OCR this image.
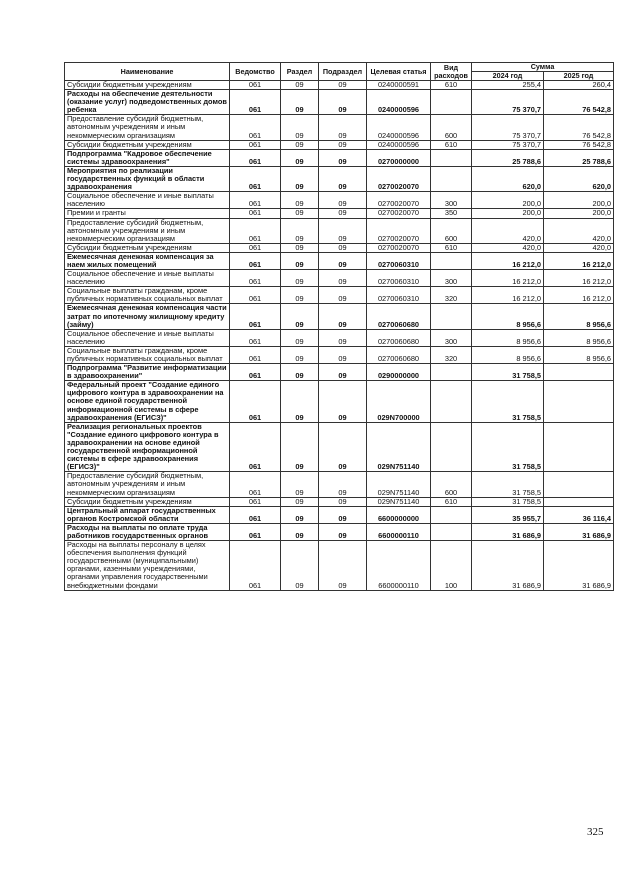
Наименование	Ведомство	Раздел	Подраздел	Целевая статья	Вид расходов	Сумма	
						2024 год	2025 год
Субсидии бюджетным учреждениям	061	09	09	0240000591	610	255,4	260,4
Расходы на обеспечение деятельности (оказание услуг) подведомственных домов ребенка	061	09	09	0240000596		75 370,7	76 542,8
Предоставление субсидий бюджетным, автономным учреждениям и иным некоммерческим организациям	061	09	09	0240000596	600	75 370,7	76 542,8
Субсидии бюджетным учреждениям	061	09	09	0240000596	610	75 370,7	76 542,8
Подпрограмма "Кадровое обеспечение системы здравоохранения"	061	09	09	0270000000		25 788,6	25 788,6
Мероприятия по реализации государственных функций в области здравоохранения	061	09	09	0270020070		620,0	620,0
Социальное обеспечение и иные выплаты населению	061	09	09	0270020070	300	200,0	200,0
Премии и гранты	061	09	09	0270020070	350	200,0	200,0
Предоставление субсидий бюджетным, автономным учреждениям и иным некоммерческим организациям	061	09	09	0270020070	600	420,0	420,0
Субсидии бюджетным учреждениям	061	09	09	0270020070	610	420,0	420,0
Ежемесячная денежная компенсация за наем жилых помещений	061	09	09	0270060310		16 212,0	16 212,0
Социальное обеспечение и иные выплаты населению	061	09	09	0270060310	300	16 212,0	16 212,0
Социальные выплаты гражданам, кроме публичных нормативных социальных выплат	061	09	09	0270060310	320	16 212,0	16 212,0
Ежемесячная денежная компенсация части затрат по ипотечному жилищному кредиту (займу)	061	09	09	0270060680		8 956,6	8 956,6
Социальное обеспечение и иные выплаты населению	061	09	09	0270060680	300	8 956,6	8 956,6
Социальные выплаты гражданам, кроме публичных нормативных социальных выплат	061	09	09	0270060680	320	8 956,6	8 956,6
Подпрограмма "Развитие информатизации в здравоохранении"	061	09	09	0290000000		31 758,5	
Федеральный проект "Создание единого цифрового контура в здравоохранении на основе единой государственной информационной системы в сфере здравоохранения (ЕГИСЗ)"	061	09	09	029N700000		31 758,5	
Реализация региональных проектов "Создание единого цифрового контура в здравоохранении на основе единой государственной информационной системы в сфере здравоохранения (ЕГИСЗ)"	061	09	09	029N751140		31 758,5	
Предоставление субсидий бюджетным, автономным учреждениям и иным некоммерческим организациям	061	09	09	029N751140	600	31 758,5	
Субсидии бюджетным учреждениям	061	09	09	029N751140	610	31 758,5	
Центральный аппарат государственных органов Костромской области	061	09	09	6600000000		35 955,7	36 116,4
Расходы на выплаты по оплате труда работников государственных органов	061	09	09	6600000110		31 686,9	31 686,9
Расходы на выплаты персоналу в целях обеспечения выполнения функций государственными (муниципальными) органами, казенными учреждениями, органами управления государственными внебюджетными фондами	061	09	09	6600000110	100	31 686,9	31 686,9
325
